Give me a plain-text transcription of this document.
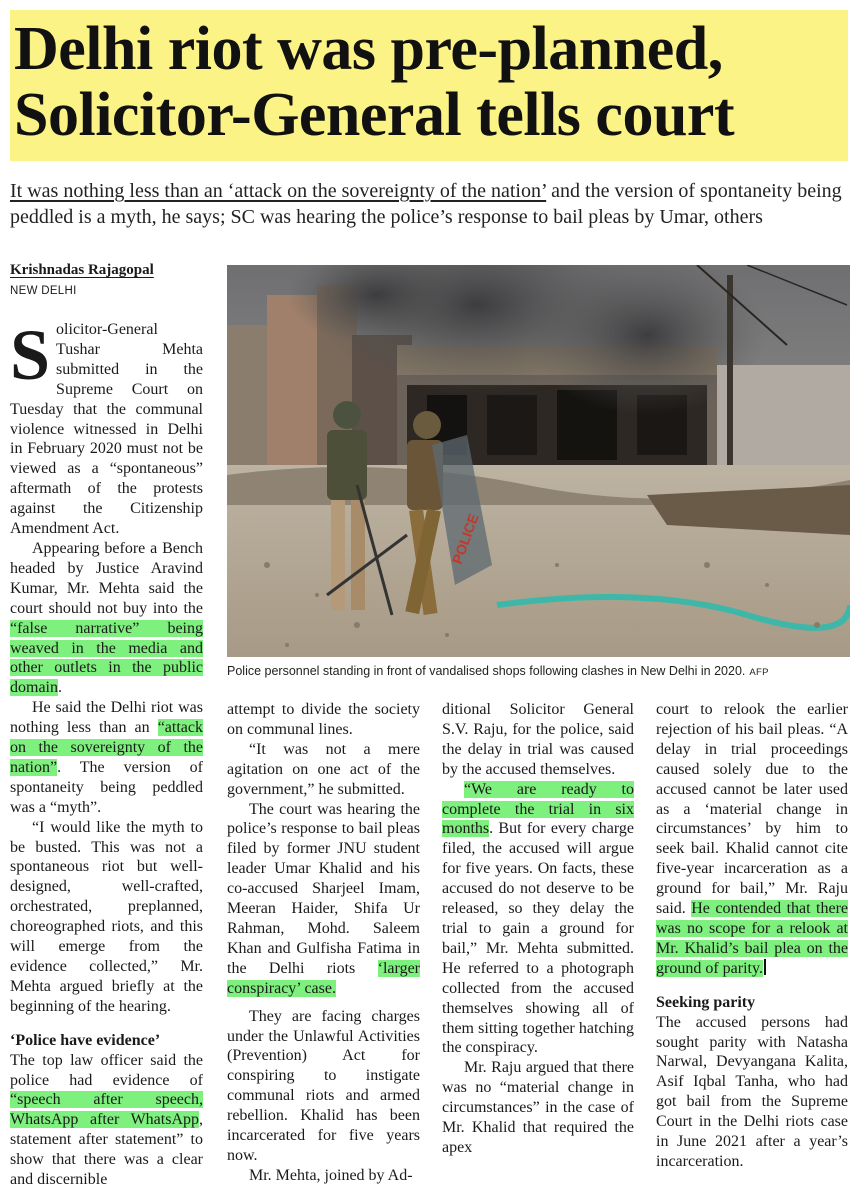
Delhi riot was pre-planned,
Solicitor-General tells court

It was nothing less than an ‘attack on the sovereignty of the nation’ and the version of spontaneity being peddled is a myth, he says; SC was hearing the police’s response to bail pleas by Umar, others

Krishnadas Rajagopal
NEW DELHI

Solicitor-General Tushar Mehta submitted in the Supreme Court on Tuesday that the communal violence witnessed in Delhi in February 2020 must not be viewed as a “spontaneous” aftermath of the protests against the Citizenship Amendment Act.

Appearing before a Bench headed by Justice Aravind Kumar, Mr. Mehta said the court should not buy into the “false narrative” being weaved in the media and other outlets in the public domain.

He said the Delhi riot was nothing less than an “attack on the sovereignty of the nation”. The version of spontaneity being peddled was a “myth”.

“I would like the myth to be busted. This was not a spontaneous riot but well-designed, well-crafted, orchestrated, preplanned, choreographed riots, and this will emerge from the evidence collected,” Mr. Mehta argued briefly at the beginning of the hearing.

‘Police have evidence’

The top law officer said the police had evidence of “speech after speech, WhatsApp after WhatsApp, statement after statement” to show that there was a clear and discernible

POLICE
Police personnel standing in front of vandalised shops following clashes in New Delhi in 2020. AFP

attempt to divide the society on communal lines.

“It was not a mere agitation on one act of the government,” he submitted.

The court was hearing the police’s response to bail pleas filed by former JNU student leader Umar Khalid and his co-accused Sharjeel Imam, Meeran Haider, Shifa Ur Rahman, Mohd. Saleem Khan and Gulfisha Fatima in the Delhi riots ‘larger conspiracy’ case.

They are facing charges under the Unlawful Activities (Prevention) Act for conspiring to instigate communal riots and armed rebellion. Khalid has been incarcerated for five years now.

Mr. Mehta, joined by Ad-

ditional Solicitor General S.V. Raju, for the police, said the delay in trial was caused by the accused themselves.

“We are ready to complete the trial in six months. But for every charge filed, the accused will argue for five years. On facts, these accused do not deserve to be released, so they delay the trial to gain a ground for bail,” Mr. Mehta submitted. He referred to a photograph collected from the accused themselves showing all of them sitting together hatching the conspiracy.

Mr. Raju argued that there was no “material change in circumstances” in the case of Mr. Khalid that required the apex

court to relook the earlier rejection of his bail pleas. “A delay in trial proceedings caused solely due to the accused cannot be later used as a ‘material change in circumstances’ by him to seek bail. Khalid cannot cite five-year incarceration as a ground for bail,” Mr. Raju said. He contended that there was no scope for a relook at Mr. Khalid’s bail plea on the ground of parity.

Seeking parity

The accused persons had sought parity with Natasha Narwal, Devyangana Kalita, Asif Iqbal Tanha, who had got bail from the Supreme Court in the Delhi riots case in June 2021 after a year’s incarceration.
